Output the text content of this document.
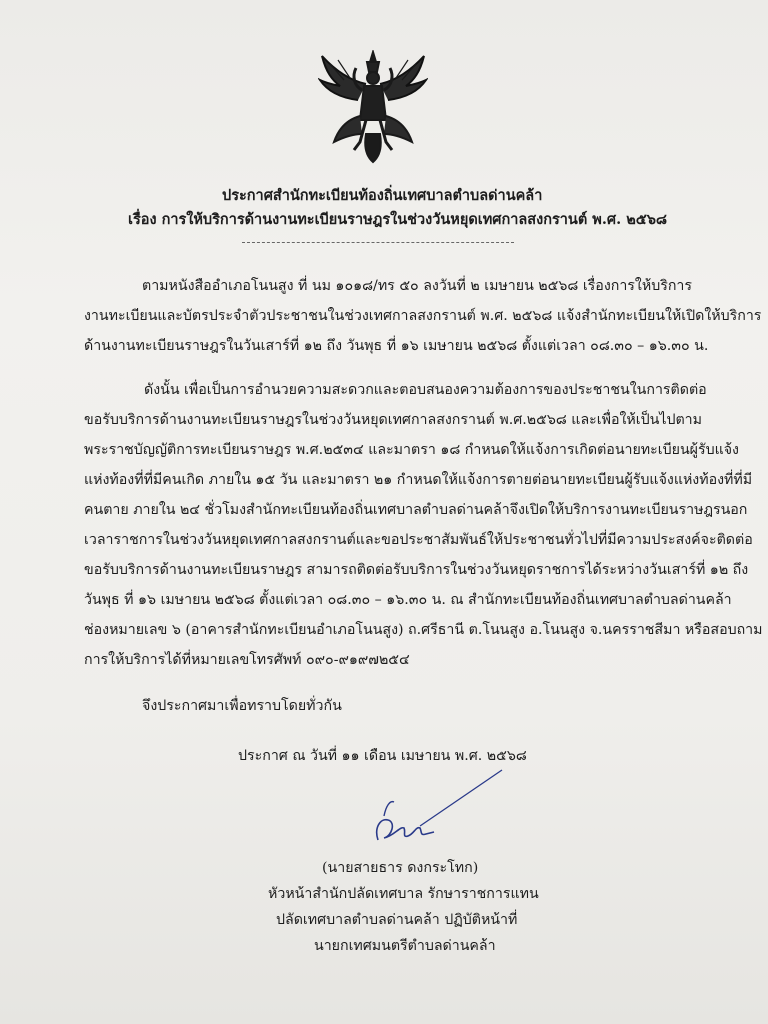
ประกาศสำนักทะเบียนท้องถิ่นเทศบาลตำบลด่านคล้า
เรื่อง การให้บริการด้านงานทะเบียนราษฎรในช่วงวันหยุดเทศกาลสงกรานต์ พ.ศ. ๒๕๖๘
ตามหนังสืออำเภอโนนสูง ที่ นม ๑๐๑๘/ทร ๕๐ ลงวันที่ ๒ เมษายน ๒๕๖๘ เรื่องการให้บริการ
งานทะเบียนและบัตรประจำตัวประชาชนในช่วงเทศกาลสงกรานต์ พ.ศ. ๒๕๖๘ แจ้งสำนักทะเบียนให้เปิดให้บริการ
ด้านงานทะเบียนราษฎรในวันเสาร์ที่ ๑๒ ถึง วันพุธ ที่ ๑๖ เมษายน ๒๕๖๘ ตั้งแต่เวลา ๐๘.๓๐ – ๑๖.๓๐ น.
ดังนั้น เพื่อเป็นการอำนวยความสะดวกและตอบสนองความต้องการของประชาชนในการติดต่อ
ขอรับบริการด้านงานทะเบียนราษฎรในช่วงวันหยุดเทศกาลสงกรานต์ พ.ศ.๒๕๖๘ และเพื่อให้เป็นไปตาม
พระราชบัญญัติการทะเบียนราษฎร พ.ศ.๒๕๓๔ และมาตรา ๑๘ กำหนดให้แจ้งการเกิดต่อนายทะเบียนผู้รับแจ้ง
แห่งท้องที่ที่มีคนเกิด ภายใน ๑๕ วัน และมาตรา ๒๑ กำหนดให้แจ้งการตายต่อนายทะเบียนผู้รับแจ้งแห่งท้องที่ที่มี
คนตาย ภายใน ๒๔ ชั่วโมงสำนักทะเบียนท้องถิ่นเทศบาลตำบลด่านคล้าจึงเปิดให้บริการงานทะเบียนราษฎรนอก
เวลาราชการในช่วงวันหยุดเทศกาลสงกรานต์และขอประชาสัมพันธ์ให้ประชาชนทั่วไปที่มีความประสงค์จะติดต่อ
ขอรับบริการด้านงานทะเบียนราษฎร สามารถติดต่อรับบริการในช่วงวันหยุดราชการได้ระหว่างวันเสาร์ที่ ๑๒ ถึง
วันพุธ ที่ ๑๖ เมษายน ๒๕๖๘ ตั้งแต่เวลา ๐๘.๓๐ – ๑๖.๓๐ น. ณ สำนักทะเบียนท้องถิ่นเทศบาลตำบลด่านคล้า
ช่องหมายเลข ๖ (อาคารสำนักทะเบียนอำเภอโนนสูง) ถ.ศรีธานี ต.โนนสูง อ.โนนสูง จ.นครราชสีมา หรือสอบถาม
การให้บริการได้ที่หมายเลขโทรศัพท์ ๐๙๐-๙๑๙๗๒๕๔
จึงประกาศมาเพื่อทราบโดยทั่วกัน
ประกาศ ณ วันที่ ๑๑ เดือน เมษายน พ.ศ. ๒๕๖๘
(นายสายธาร ดงกระโทก)
หัวหน้าสำนักปลัดเทศบาล รักษาราชการแทน
ปลัดเทศบาลตำบลด่านคล้า ปฏิบัติหน้าที่
นายกเทศมนตรีตำบลด่านคล้า
